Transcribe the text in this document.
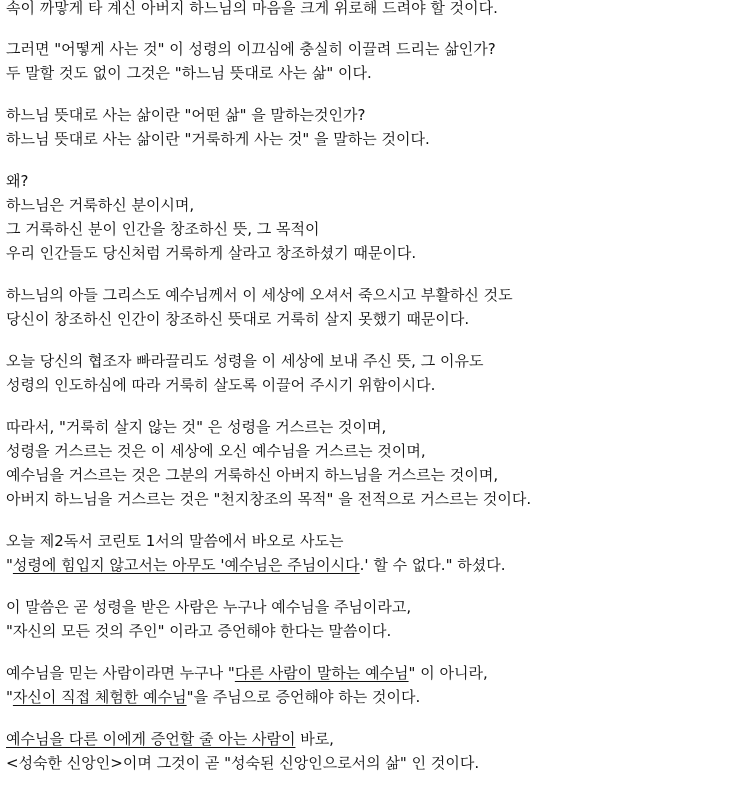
속이 까맣게 타 계신 아버지 하느님의 마음을 크게 위로해 드려야 할 것이다.
그러면 "어떻게 사는 것" 이 성령의 이끄심에 충실히 이끌려 드리는 삶인가?
두 말할 것도 없이 그것은 "하느님 뜻대로 사는 삶" 이다.
하느님 뜻대로 사는 삶이란 "어떤 삶" 을 말하는것인가?
하느님 뜻대로 사는 삶이란 "거룩하게 사는 것" 을 말하는 것이다.
왜?
하느님은 거룩하신 분이시며,
그 거룩하신 분이 인간을 창조하신 뜻, 그 목적이
우리 인간들도 당신처럼 거룩하게 살라고 창조하셨기 때문이다.
하느님의 아들 그리스도 예수님께서 이 세상에 오셔서 죽으시고 부활하신 것도
당신이 창조하신 인간이 창조하신 뜻대로 거룩히 살지 못했기 때문이다.
오늘 당신의 협조자 빠라끌리도 성령을 이 세상에 보내 주신 뜻, 그 이유도
성령의 인도하심에 따라 거룩히 살도록 이끌어 주시기 위함이시다.
따라서, "거룩히 살지 않는 것" 은 성령을 거스르는 것이며,
성령을 거스르는 것은 이 세상에 오신 예수님을 거스르는 것이며,
예수님을 거스르는 것은 그분의 거룩하신 아버지 하느님을 거스르는 것이며,
아버지 하느님을 거스르는 것은 "천지창조의 목적" 을 전적으로 거스르는 것이다.
오늘 제2독서 코린토 1서의 말씀에서 바오로 사도는
"성령에 힘입지 않고서는 아무도 '예수님은 주님이시다.' 할 수 없다." 하셨다.
이 말씀은 곧 성령을 받은 사람은 누구나 예수님을 주님이라고,
"자신의 모든 것의 주인" 이라고 증언해야 한다는 말씀이다.
예수님을 믿는 사람이라면 누구나 "다른 사람이 말하는 예수님" 이 아니라,
"자신이 직접 체험한 예수님"을 주님으로 증언해야 하는 것이다.
예수님을 다른 이에게 증언할 줄 아는 사람이 바로,
<성숙한 신앙인>이며 그것이 곧 "성숙된 신앙인으로서의 삶" 인 것이다.
